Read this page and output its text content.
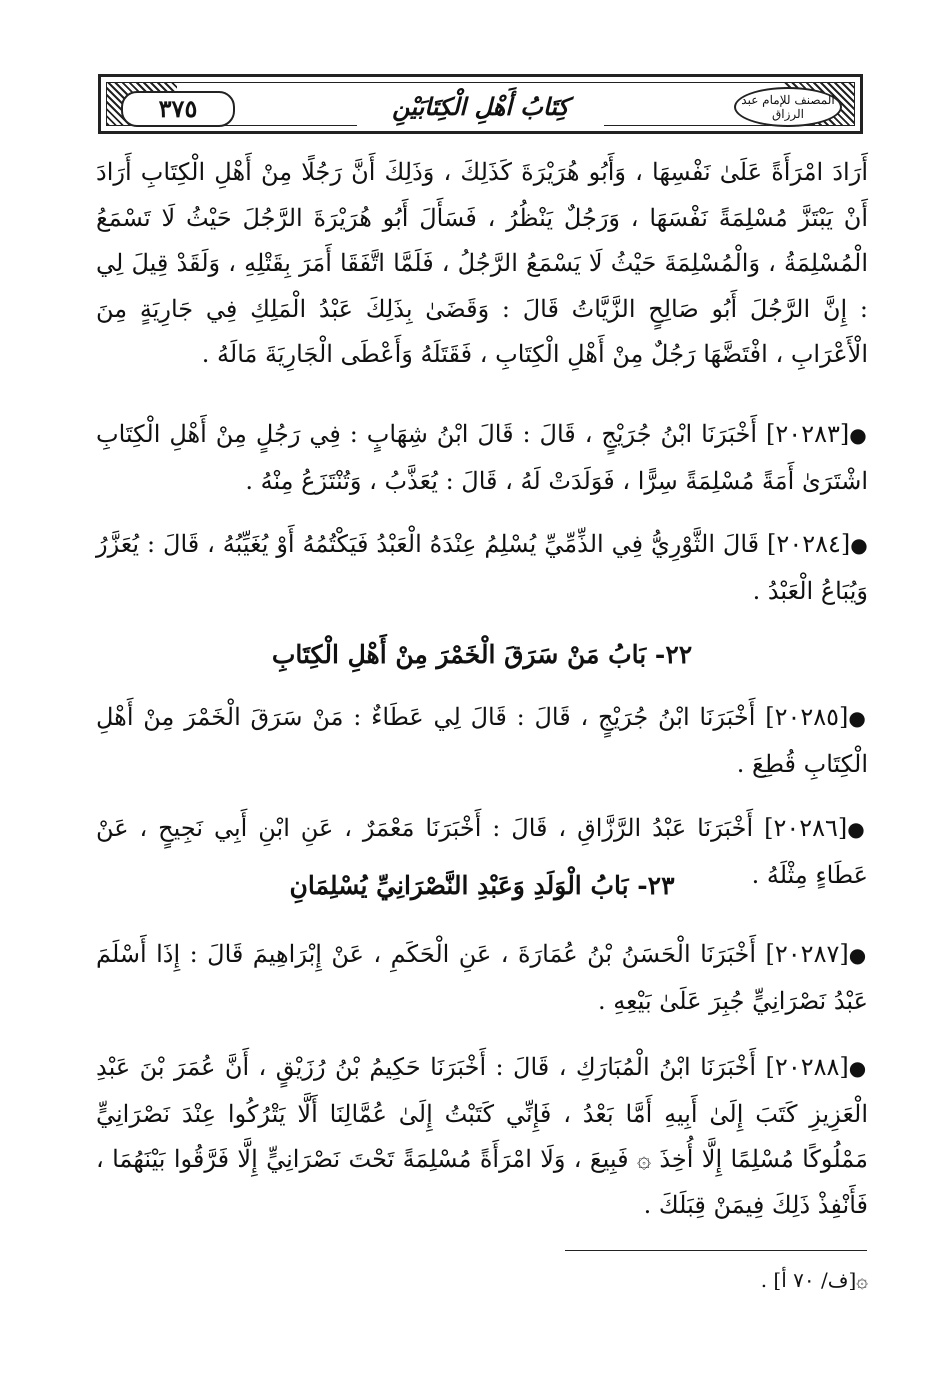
٣٧٥	كِتَابُ أَهْلِ الْكِتَابَيْنِ	المصنف للإمام عبد الرزاق

أَرَادَ امْرَأَةً عَلَىٰ نَفْسِهَا ، وَأَبُو هُرَيْرَةَ كَذَلِكَ ، وَذَلِكَ أَنَّ رَجُلًا مِنْ أَهْلِ الْكِتَابِ أَرَادَ أَنْ يَبْتَزَّ مُسْلِمَةً نَفْسَهَا ، وَرَجُلٌ يَنْظُرُ ، فَسَأَلَ أَبُو هُرَيْرَةَ الرَّجُلَ حَيْثُ لَا تَسْمَعُ الْمُسْلِمَةُ ، وَالْمُسْلِمَةَ حَيْثُ لَا يَسْمَعُ الرَّجُلُ ، فَلَمَّا اتَّفَقَا أَمَرَ بِقَتْلِهِ ، وَلَقَدْ قِيلَ لِي : إِنَّ الرَّجُلَ أَبُو صَالِحٍ الزَّيَّاتُ قَالَ : وَقَضَىٰ بِذَلِكَ عَبْدُ الْمَلِكِ فِي جَارِيَةٍ مِنَ الْأَعْرَابِ ، افْتَضَّهَا رَجُلٌ مِنْ أَهْلِ الْكِتَابِ ، فَقَتَلَهُ وَأَعْطَى الْجَارِيَةَ مَالَهُ .

●[٢٠٢٨٣] أَخْبَرَنَا ابْنُ جُرَيْجٍ ، قَالَ : قَالَ ابْنُ شِهَابٍ : فِي رَجُلٍ مِنْ أَهْلِ الْكِتَابِ اشْتَرَىٰ أَمَةً مُسْلِمَةً سِرًّا ، فَوَلَدَتْ لَهُ ، قَالَ : يُعَذَّبُ ، وَتُنْتَزَعُ مِنْهُ .

●[٢٠٢٨٤] قَالَ الثَّوْرِيُّ فِي الذِّمِّيِّ يُسْلِمُ عِنْدَهُ الْعَبْدُ فَيَكْتُمُهُ أَوْ يُغَيِّبُهُ ، قَالَ : يُعَزَّرُ وَيُبَاعُ الْعَبْدُ .

٢٢- بَابُ مَنْ سَرَقَ الْخَمْرَ مِنْ أَهْلِ الْكِتَابِ

●[٢٠٢٨٥] أَخْبَرَنَا ابْنُ جُرَيْجٍ ، قَالَ : قَالَ لِي عَطَاءٌ : مَنْ سَرَقَ الْخَمْرَ مِنْ أَهْلِ الْكِتَابِ قُطِعَ .

●[٢٠٢٨٦] أَخْبَرَنَا عَبْدُ الرَّزَّاقِ ، قَالَ : أَخْبَرَنَا مَعْمَرٌ ، عَنِ ابْنِ أَبِي نَجِيحٍ ، عَنْ عَطَاءٍ مِثْلَهُ .

٢٣- بَابُ الْوَلَدِ وَعَبْدِ النَّصْرَانِيِّ يُسْلِمَانِ

●[٢٠٢٨٧] أَخْبَرَنَا الْحَسَنُ بْنُ عُمَارَةَ ، عَنِ الْحَكَمِ ، عَنْ إِبْرَاهِيمَ قَالَ : إِذَا أَسْلَمَ عَبْدُ نَصْرَانِيٍّ جُبِرَ عَلَىٰ بَيْعِهِ .

●[٢٠٢٨٨] أَخْبَرَنَا ابْنُ الْمُبَارَكِ ، قَالَ : أَخْبَرَنَا حَكِيمُ بْنُ رُزَيْقٍ ، أَنَّ عُمَرَ بْنَ عَبْدِ الْعَزِيزِ كَتَبَ إِلَىٰ أَبِيهِ أَمَّا بَعْدُ ، فَإِنِّي كَتَبْتُ إِلَىٰ عُمَّالِنَا أَلَّا يَتْرُكُوا عِنْدَ نَصْرَانِيٍّ مَمْلُوكًا مُسْلِمًا إِلَّا أُخِذَ ۞ فَبِيعَ ، وَلَا امْرَأَةً مُسْلِمَةً تَحْتَ نَصْرَانِيٍّ إِلَّا فَرَّقُوا بَيْنَهُمَا ، فَأَنْفِذْ ذَلِكَ فِيمَنْ قِبَلَكَ .

۞[ف/ ٧٠ أ] .
